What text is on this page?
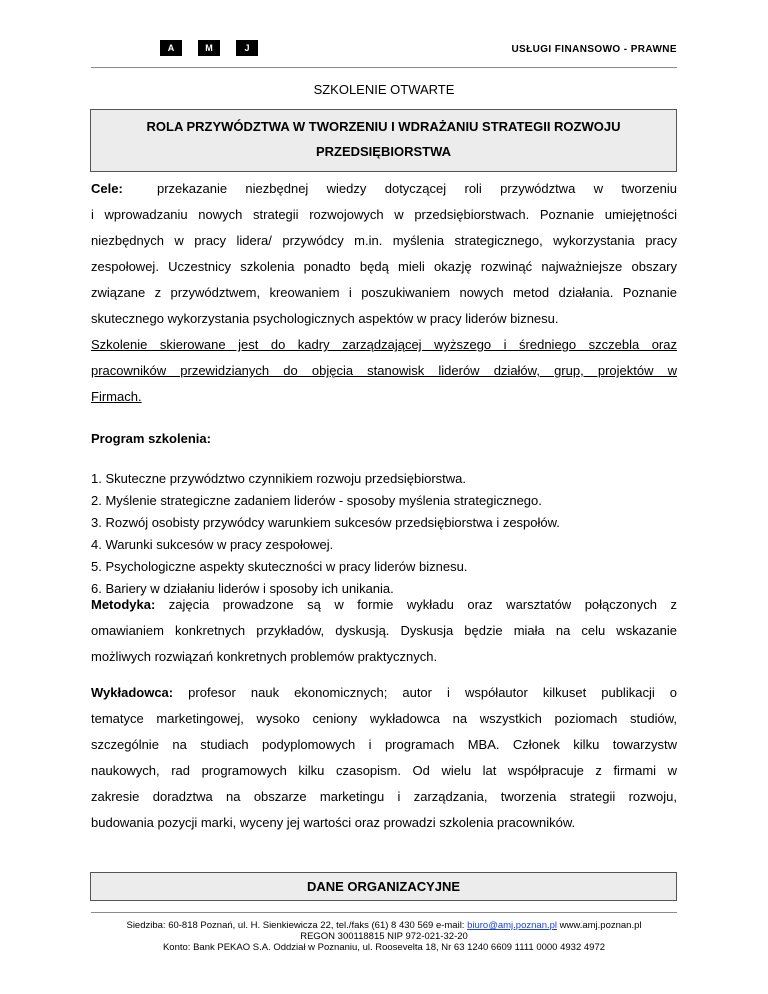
A	M	J	USŁUGI FINANSOWO - PRAWNE
SZKOLENIE OTWARTE
ROLA PRZYWÓDZTWA W TWORZENIU I WDRAŻANIU STRATEGII ROZWOJU
PRZEDSIĘBIORSTWA
Cele:	przekazanie niezbędnej wiedzy dotyczącej roli przywództwa w tworzeniu
i wprowadzaniu nowych strategii rozwojowych w przedsiębiorstwach. Poznanie umiejętności
niezbędnych w pracy lidera/ przywódcy m.in. myślenia strategicznego, wykorzystania pracy
zespołowej. Uczestnicy szkolenia ponadto będą mieli okazję rozwinąć najważniejsze obszary
związane z przywództwem, kreowaniem i poszukiwaniem nowych metod działania. Poznanie
skutecznego wykorzystania psychologicznych aspektów w pracy liderów biznesu.
Szkolenie skierowane jest do kadry zarządzającej wyższego i średniego szczebla oraz
pracowników przewidzianych do objęcia stanowisk liderów działów, grup, projektów w
Firmach.
Program szkolenia:
1. Skuteczne przywództwo czynnikiem rozwoju przedsiębiorstwa.
2. Myślenie strategiczne zadaniem liderów - sposoby myślenia strategicznego.
3. Rozwój osobisty przywódcy warunkiem sukcesów przedsiębiorstwa i zespołów.
4. Warunki sukcesów w pracy zespołowej.
5. Psychologiczne aspekty skuteczności w pracy liderów biznesu.
6. Bariery w działaniu liderów i sposoby ich unikania.
Metodyka: zajęcia prowadzone są w formie wykładu oraz warsztatów połączonych z
omawianiem konkretnych przykładów, dyskusją. Dyskusja będzie miała na celu wskazanie
możliwych rozwiązań konkretnych problemów praktycznych.
Wykładowca: profesor nauk ekonomicznych; autor i współautor kilkuset publikacji o
tematyce marketingowej, wysoko ceniony wykładowca na wszystkich poziomach studiów,
szczególnie na studiach podyplomowych i programach MBA. Członek kilku towarzystw
naukowych, rad programowych kilku czasopism. Od wielu lat współpracuje z firmami w
zakresie doradztwa na obszarze marketingu i zarządzania, tworzenia strategii rozwoju,
budowania pozycji marki, wyceny jej wartości oraz prowadzi szkolenia pracowników.
DANE ORGANIZACYJNE
Siedziba: 60-818 Poznań, ul. H. Sienkiewicza 22, tel./faks (61) 8 430 569 e-mail: biuro@amj.poznan.pl www.amj.poznan.pl
REGON 300118815 NIP 972-021-32-20
Konto: Bank PEKAO S.A. Oddział w Poznaniu, ul. Roosevelta 18, Nr 63 1240 6609 1111 0000 4932 4972
